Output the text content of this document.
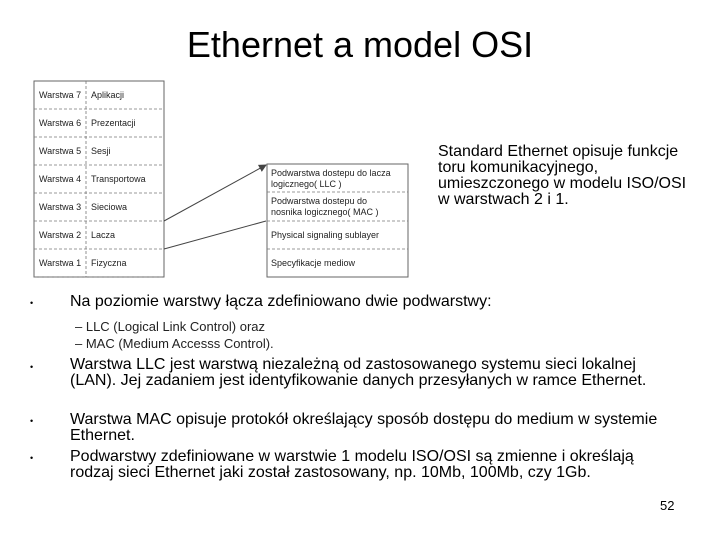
Ethernet a model OSI
Warstwa 7 Aplikacji
Warstwa 6 Prezentacji
Warstwa 5 Sesji
Warstwa 4 Transportowa
Warstwa 3 Sieciowa
Warstwa 2 Lacza
Warstwa 1 Fizyczna
Podwarstwa dostepu do lacza
logicznego( LLC )
Podwarstwa dostepu do
nosnika logicznego( MAC )
Physical signaling sublayer
Specyfikacje mediow
Standard Ethernet opisuje funkcje toru komunikacyjnego, umieszczonego w modelu ISO/OSI w warstwach 2 i 1.
• Na poziomie warstwy łącza zdefiniowano dwie podwarstwy:
– LLC (Logical Link Control) oraz
– MAC (Medium Accesss Control).
• Warstwa LLC jest warstwą niezależną od zastosowanego systemu sieci lokalnej (LAN). Jej zadaniem jest identyfikowanie danych przesyłanych w ramce Ethernet.
• Warstwa MAC opisuje protokół określający sposób dostępu do medium w systemie Ethernet.
• Podwarstwy zdefiniowane w warstwie 1 modelu ISO/OSI są zmienne i określają rodzaj sieci Ethernet jaki został zastosowany, np. 10Mb, 100Mb, czy 1Gb.
52
